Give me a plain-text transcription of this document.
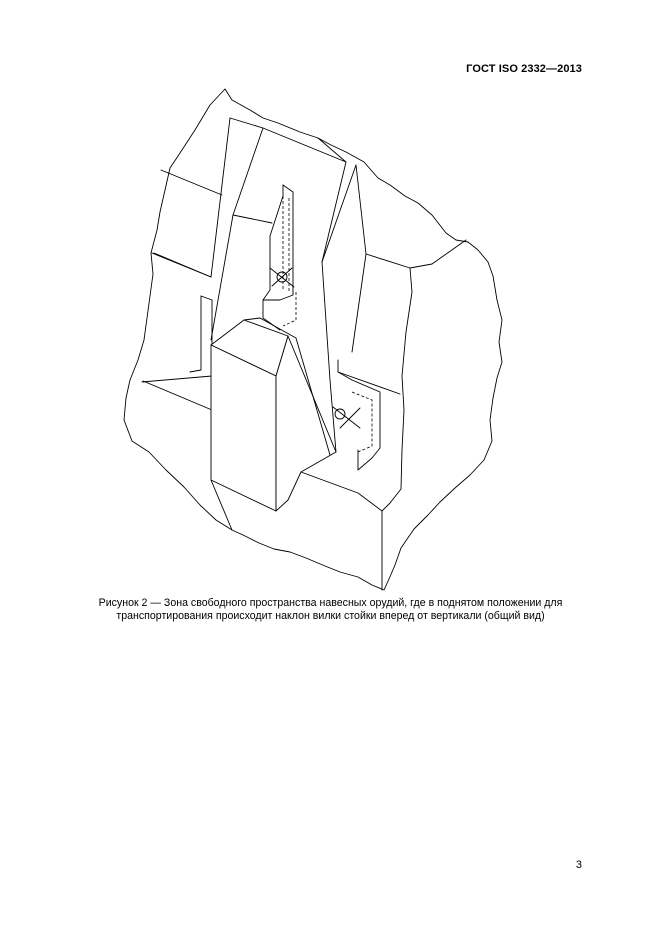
ГОСТ ISO 2332—2013
Рисунок 2 — Зона свободного пространства навесных орудий, где в поднятом положении для
транспортирования происходит наклон вилки стойки вперед от вертикали (общий вид)
3
